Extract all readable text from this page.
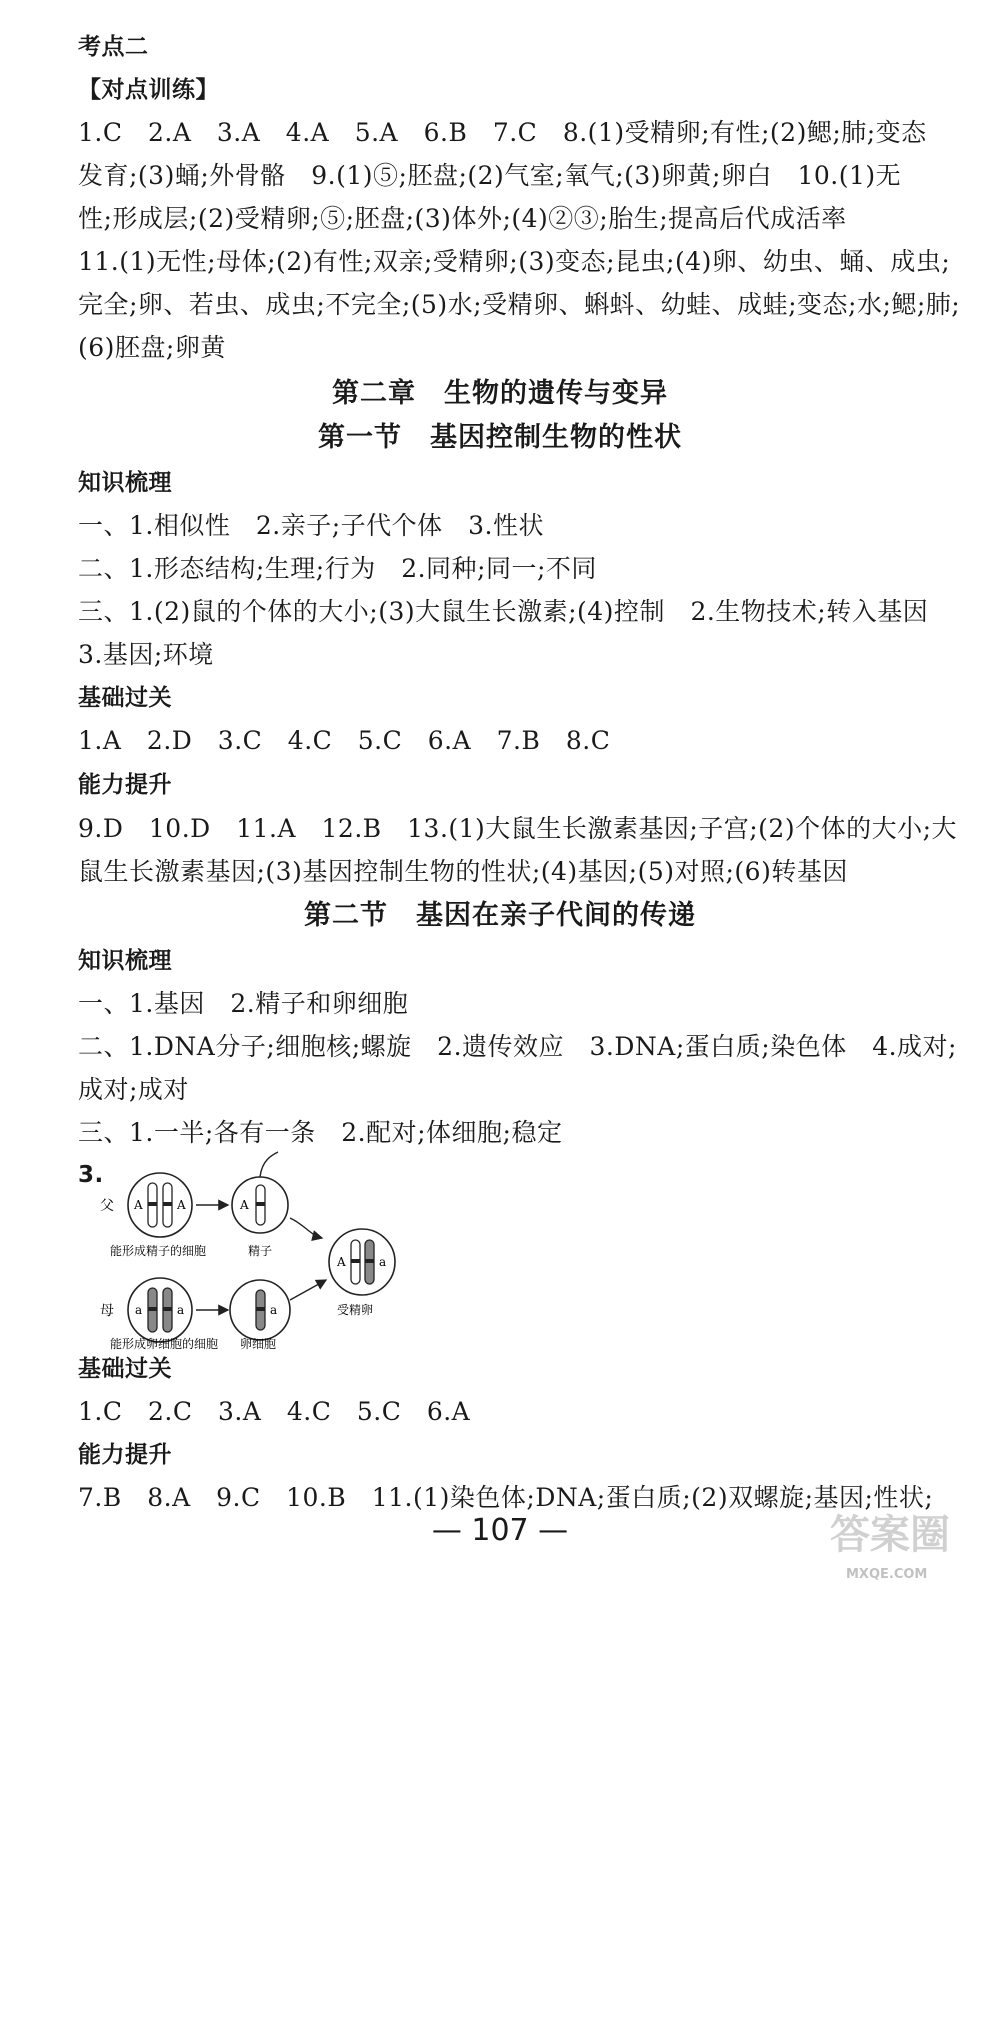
考点二
【对点训练】
1.C　2.A　3.A　4.A　5.A　6.B　7.C　8.(1)受精卵;有性;(2)鳃;肺;变态
发育;(3)蛹;外骨骼　9.(1)⑤;胚盘;(2)气室;氧气;(3)卵黄;卵白　10.(1)无
性;形成层;(2)受精卵;⑤;胚盘;(3)体外;(4)②③;胎生;提高后代成活率
11.(1)无性;母体;(2)有性;双亲;受精卵;(3)变态;昆虫;(4)卵、幼虫、蛹、成虫;
完全;卵、若虫、成虫;不完全;(5)水;受精卵、蝌蚪、幼蛙、成蛙;变态;水;鳃;肺;
(6)胚盘;卵黄
第二章　生物的遗传与变异
第一节　基因控制生物的性状
知识梳理
一、1.相似性　2.亲子;子代个体　3.性状
二、1.形态结构;生理;行为　2.同种;同一;不同
三、1.(2)鼠的个体的大小;(3)大鼠生长激素;(4)控制　2.生物技术;转入基因
3.基因;环境
基础过关
1.A　2.D　3.C　4.C　5.C　6.A　7.B　8.C
能力提升
9.D　10.D　11.A　12.B　13.(1)大鼠生长激素基因;子宫;(2)个体的大小;大
鼠生长激素基因;(3)基因控制生物的性状;(4)基因;(5)对照;(6)转基因
第二节　基因在亲子代间的传递
知识梳理
一、1.基因　2.精子和卵细胞
二、1.DNA分子;细胞核;螺旋　2.遗传效应　3.DNA;蛋白质;染色体　4.成对;
成对;成对
三、1.一半;各有一条　2.配对;体细胞;稳定
3.
父
母
A	A
能形成精子的细胞
A
精子
A	a
受精卵
a	a
能形成卵细胞的细胞
a
卵细胞
基础过关
1.C　2.C　3.A　4.C　5.C　6.A
能力提升
7.B　8.A　9.C　10.B　11.(1)染色体;DNA;蛋白质;(2)双螺旋;基因;性状;
— 107 —	答案圈
MXQE.COM
